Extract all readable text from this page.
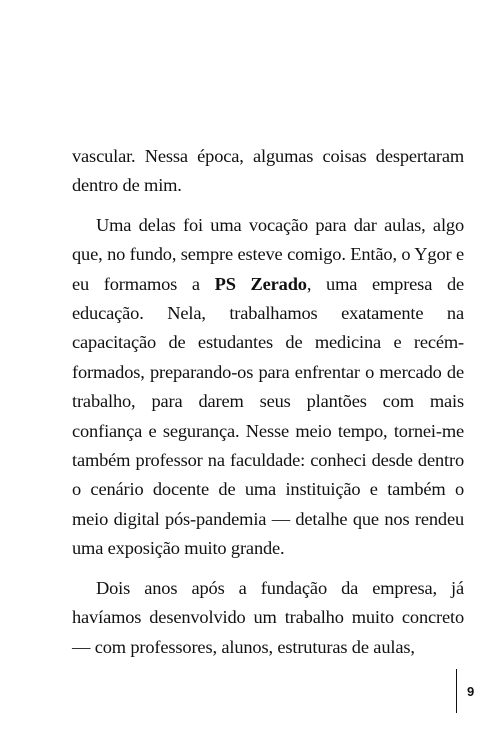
vascular. Nessa época, algumas coisas despertaram dentro de mim.

Uma delas foi uma vocação para dar aulas, algo que, no fundo, sempre esteve comigo. Então, o Ygor e eu formamos a PS Zerado, uma empresa de educação. Nela, trabalhamos exatamente na capacitação de estudantes de medicina e recém-formados, preparando-os para enfrentar o mercado de trabalho, para darem seus plantões com mais confiança e segurança. Nesse meio tempo, tornei-me também professor na faculdade: conheci desde dentro o cenário docente de uma instituição e também o meio digital pós-pandemia — detalhe que nos rendeu uma exposição muito grande.

Dois anos após a fundação da empresa, já havíamos desenvolvido um trabalho muito concreto — com professores, alunos, estruturas de aulas,

9
